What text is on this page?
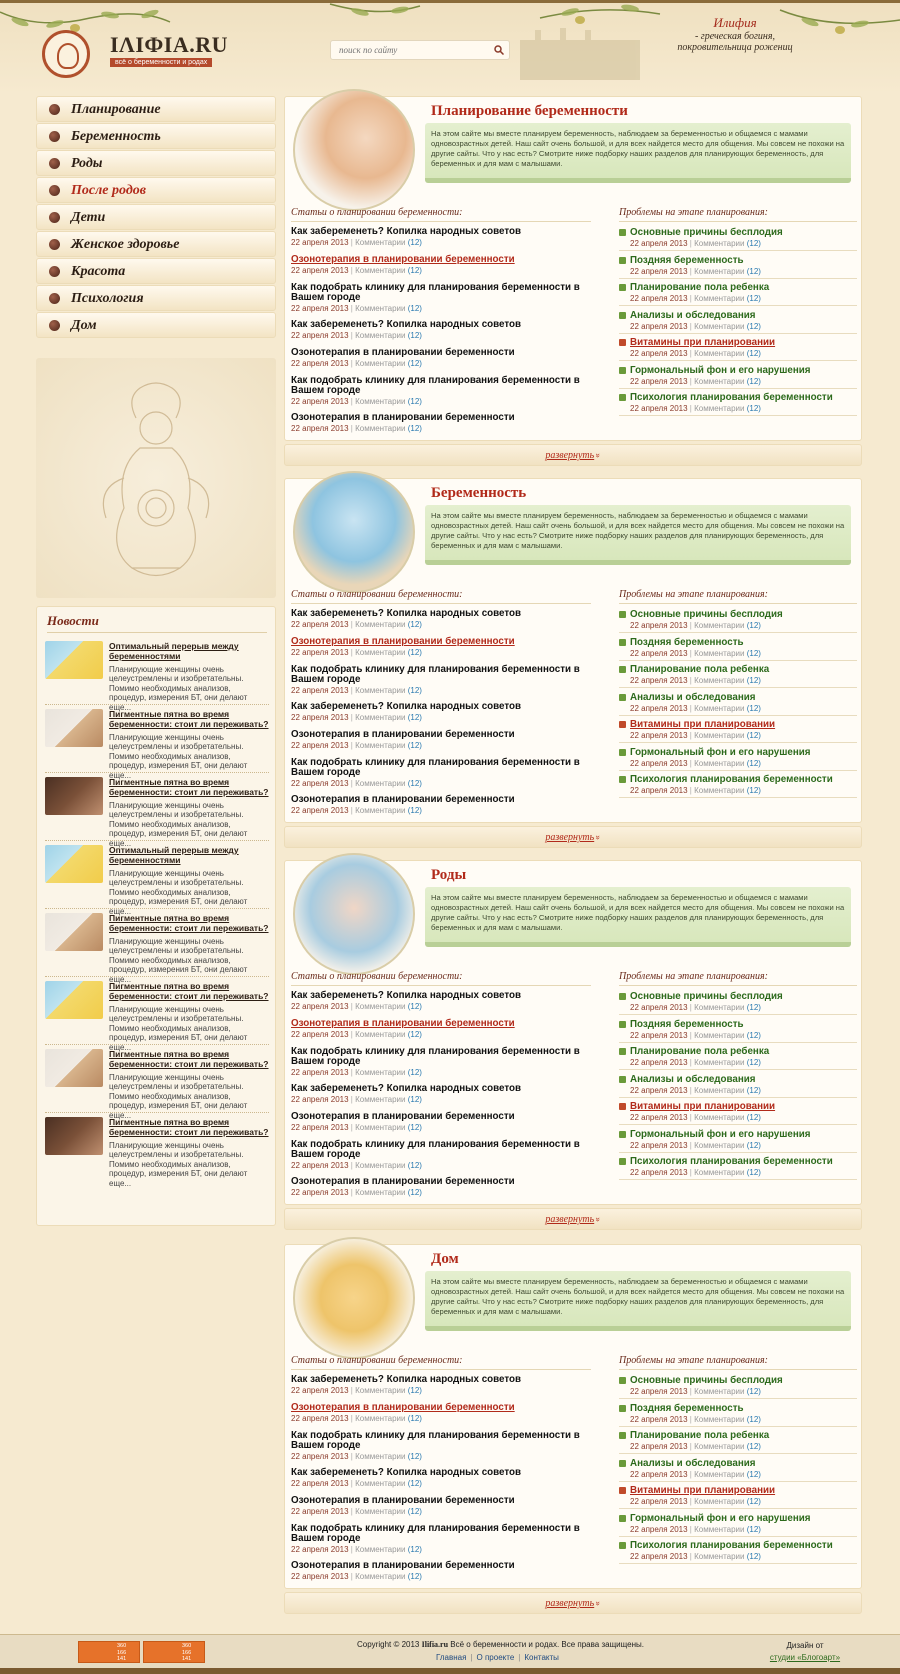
IΛIФIA.RU
всё о беременности и родах
поиск по сайту
Илифия
- греческая богиня,
покровительница рожениц
Планирование
Беременность
Роды
После родов
Дети
Женское здоровье
Красота
Психология
Дом
Новости
Оптимальный перерыв между беременностями
Планирующие женщины очень целеустремлены и изобретательны. Помимо необходимых анализов, процедур, измерения БТ, они делают еще...
Пигментные пятна во время беременности: стоит ли переживать?
Планирующие женщины очень целеустремлены и изобретательны. Помимо необходимых анализов, процедур, измерения БТ, они делают еще...
Пигментные пятна во время беременности: стоит ли переживать?
Планирующие женщины очень целеустремлены и изобретательны. Помимо необходимых анализов, процедур, измерения БТ, они делают еще...
Оптимальный перерыв между беременностями
Планирующие женщины очень целеустремлены и изобретательны. Помимо необходимых анализов, процедур, измерения БТ, они делают еще...
Пигментные пятна во время беременности: стоит ли переживать?
Планирующие женщины очень целеустремлены и изобретательны. Помимо необходимых анализов, процедур, измерения БТ, они делают еще...
Пигментные пятна во время беременности: стоит ли переживать?
Планирующие женщины очень целеустремлены и изобретательны. Помимо необходимых анализов, процедур, измерения БТ, они делают еще...
Пигментные пятна во время беременности: стоит ли переживать?
Планирующие женщины очень целеустремлены и изобретательны. Помимо необходимых анализов, процедур, измерения БТ, они делают еще...
Пигментные пятна во время беременности: стоит ли переживать?
Планирующие женщины очень целеустремлены и изобретательны. Помимо необходимых анализов, процедур, измерения БТ, они делают еще...
Планирование беременности
На этом сайте мы вместе планируем беременность, наблюдаем за беременностью и общаемся с мамами одновозрастных детей. Наш сайт очень большой, и для всех найдется место для общения. Мы совсем не похожи на другие сайты. Что у нас есть? Смотрите ниже подборку наших разделов для планирующих беременность, для беременных и для мам с малышами.
Статьи о планировании беременности:	Проблемы на этапе планирования:
Как забеременеть? Копилка народных советов
22 апреля 2013 | Комментарии (12)
Озонотерапия в планировании беременности
22 апреля 2013 | Комментарии (12)
Как подобрать клинику для планирования беременности в Вашем городе
22 апреля 2013 | Комментарии (12)
Как забеременеть? Копилка народных советов
22 апреля 2013 | Комментарии (12)
Озонотерапия в планировании беременности
22 апреля 2013 | Комментарии (12)
Как подобрать клинику для планирования беременности в Вашем городе
22 апреля 2013 | Комментарии (12)
Озонотерапия в планировании беременности
22 апреля 2013 | Комментарии (12)
Основные причины бесплодия
22 апреля 2013 | Комментарии (12)
Поздняя беременность
22 апреля 2013 | Комментарии (12)
Планирование пола ребенка
22 апреля 2013 | Комментарии (12)
Анализы и обследования
22 апреля 2013 | Комментарии (12)
Витамины при планировании
22 апреля 2013 | Комментарии (12)
Гормональный фон и его нарушения
22 апреля 2013 | Комментарии (12)
Психология планирования беременности
22 апреля 2013 | Комментарии (12)
развернуть»
Беременность
На этом сайте мы вместе планируем беременность, наблюдаем за беременностью и общаемся с мамами одновозрастных детей. Наш сайт очень большой, и для всех найдется место для общения. Мы совсем не похожи на другие сайты. Что у нас есть? Смотрите ниже подборку наших разделов для планирующих беременность, для беременных и для мам с малышами.
Статьи о планировании беременности:	Проблемы на этапе планирования:
Как забеременеть? Копилка народных советов
22 апреля 2013 | Комментарии (12)
Озонотерапия в планировании беременности
22 апреля 2013 | Комментарии (12)
Как подобрать клинику для планирования беременности в Вашем городе
22 апреля 2013 | Комментарии (12)
Как забеременеть? Копилка народных советов
22 апреля 2013 | Комментарии (12)
Озонотерапия в планировании беременности
22 апреля 2013 | Комментарии (12)
Как подобрать клинику для планирования беременности в Вашем городе
22 апреля 2013 | Комментарии (12)
Озонотерапия в планировании беременности
22 апреля 2013 | Комментарии (12)
Основные причины бесплодия
22 апреля 2013 | Комментарии (12)
Поздняя беременность
22 апреля 2013 | Комментарии (12)
Планирование пола ребенка
22 апреля 2013 | Комментарии (12)
Анализы и обследования
22 апреля 2013 | Комментарии (12)
Витамины при планировании
22 апреля 2013 | Комментарии (12)
Гормональный фон и его нарушения
22 апреля 2013 | Комментарии (12)
Психология планирования беременности
22 апреля 2013 | Комментарии (12)
развернуть»
Роды
На этом сайте мы вместе планируем беременность, наблюдаем за беременностью и общаемся с мамами одновозрастных детей. Наш сайт очень большой, и для всех найдется место для общения. Мы совсем не похожи на другие сайты. Что у нас есть? Смотрите ниже подборку наших разделов для планирующих беременность, для беременных и для мам с малышами.
Статьи о планировании беременности:	Проблемы на этапе планирования:
Как забеременеть? Копилка народных советов
22 апреля 2013 | Комментарии (12)
Озонотерапия в планировании беременности
22 апреля 2013 | Комментарии (12)
Как подобрать клинику для планирования беременности в Вашем городе
22 апреля 2013 | Комментарии (12)
Как забеременеть? Копилка народных советов
22 апреля 2013 | Комментарии (12)
Озонотерапия в планировании беременности
22 апреля 2013 | Комментарии (12)
Как подобрать клинику для планирования беременности в Вашем городе
22 апреля 2013 | Комментарии (12)
Озонотерапия в планировании беременности
22 апреля 2013 | Комментарии (12)
Основные причины бесплодия
22 апреля 2013 | Комментарии (12)
Поздняя беременность
22 апреля 2013 | Комментарии (12)
Планирование пола ребенка
22 апреля 2013 | Комментарии (12)
Анализы и обследования
22 апреля 2013 | Комментарии (12)
Витамины при планировании
22 апреля 2013 | Комментарии (12)
Гормональный фон и его нарушения
22 апреля 2013 | Комментарии (12)
Психология планирования беременности
22 апреля 2013 | Комментарии (12)
развернуть»
Дом
На этом сайте мы вместе планируем беременность, наблюдаем за беременностью и общаемся с мамами одновозрастных детей. Наш сайт очень большой, и для всех найдется место для общения. Мы совсем не похожи на другие сайты. Что у нас есть? Смотрите ниже подборку наших разделов для планирующих беременность, для беременных и для мам с малышами.
Статьи о планировании беременности:	Проблемы на этапе планирования:
Как забеременеть? Копилка народных советов
22 апреля 2013 | Комментарии (12)
Озонотерапия в планировании беременности
22 апреля 2013 | Комментарии (12)
Как подобрать клинику для планирования беременности в Вашем городе
22 апреля 2013 | Комментарии (12)
Как забеременеть? Копилка народных советов
22 апреля 2013 | Комментарии (12)
Озонотерапия в планировании беременности
22 апреля 2013 | Комментарии (12)
Как подобрать клинику для планирования беременности в Вашем городе
22 апреля 2013 | Комментарии (12)
Озонотерапия в планировании беременности
22 апреля 2013 | Комментарии (12)
Основные причины бесплодия
22 апреля 2013 | Комментарии (12)
Поздняя беременность
22 апреля 2013 | Комментарии (12)
Планирование пола ребенка
22 апреля 2013 | Комментарии (12)
Анализы и обследования
22 апреля 2013 | Комментарии (12)
Витамины при планировании
22 апреля 2013 | Комментарии (12)
Гормональный фон и его нарушения
22 апреля 2013 | Комментарии (12)
Психология планирования беременности
22 апреля 2013 | Комментарии (12)
развернуть»
360
166
141
360
166
141
Copyright © 2013 Ilifia.ru Всё о беременности и родах. Все права защищены.
Главная | О проекте | Контакты
Дизайн от
студии «Блогоарт»
